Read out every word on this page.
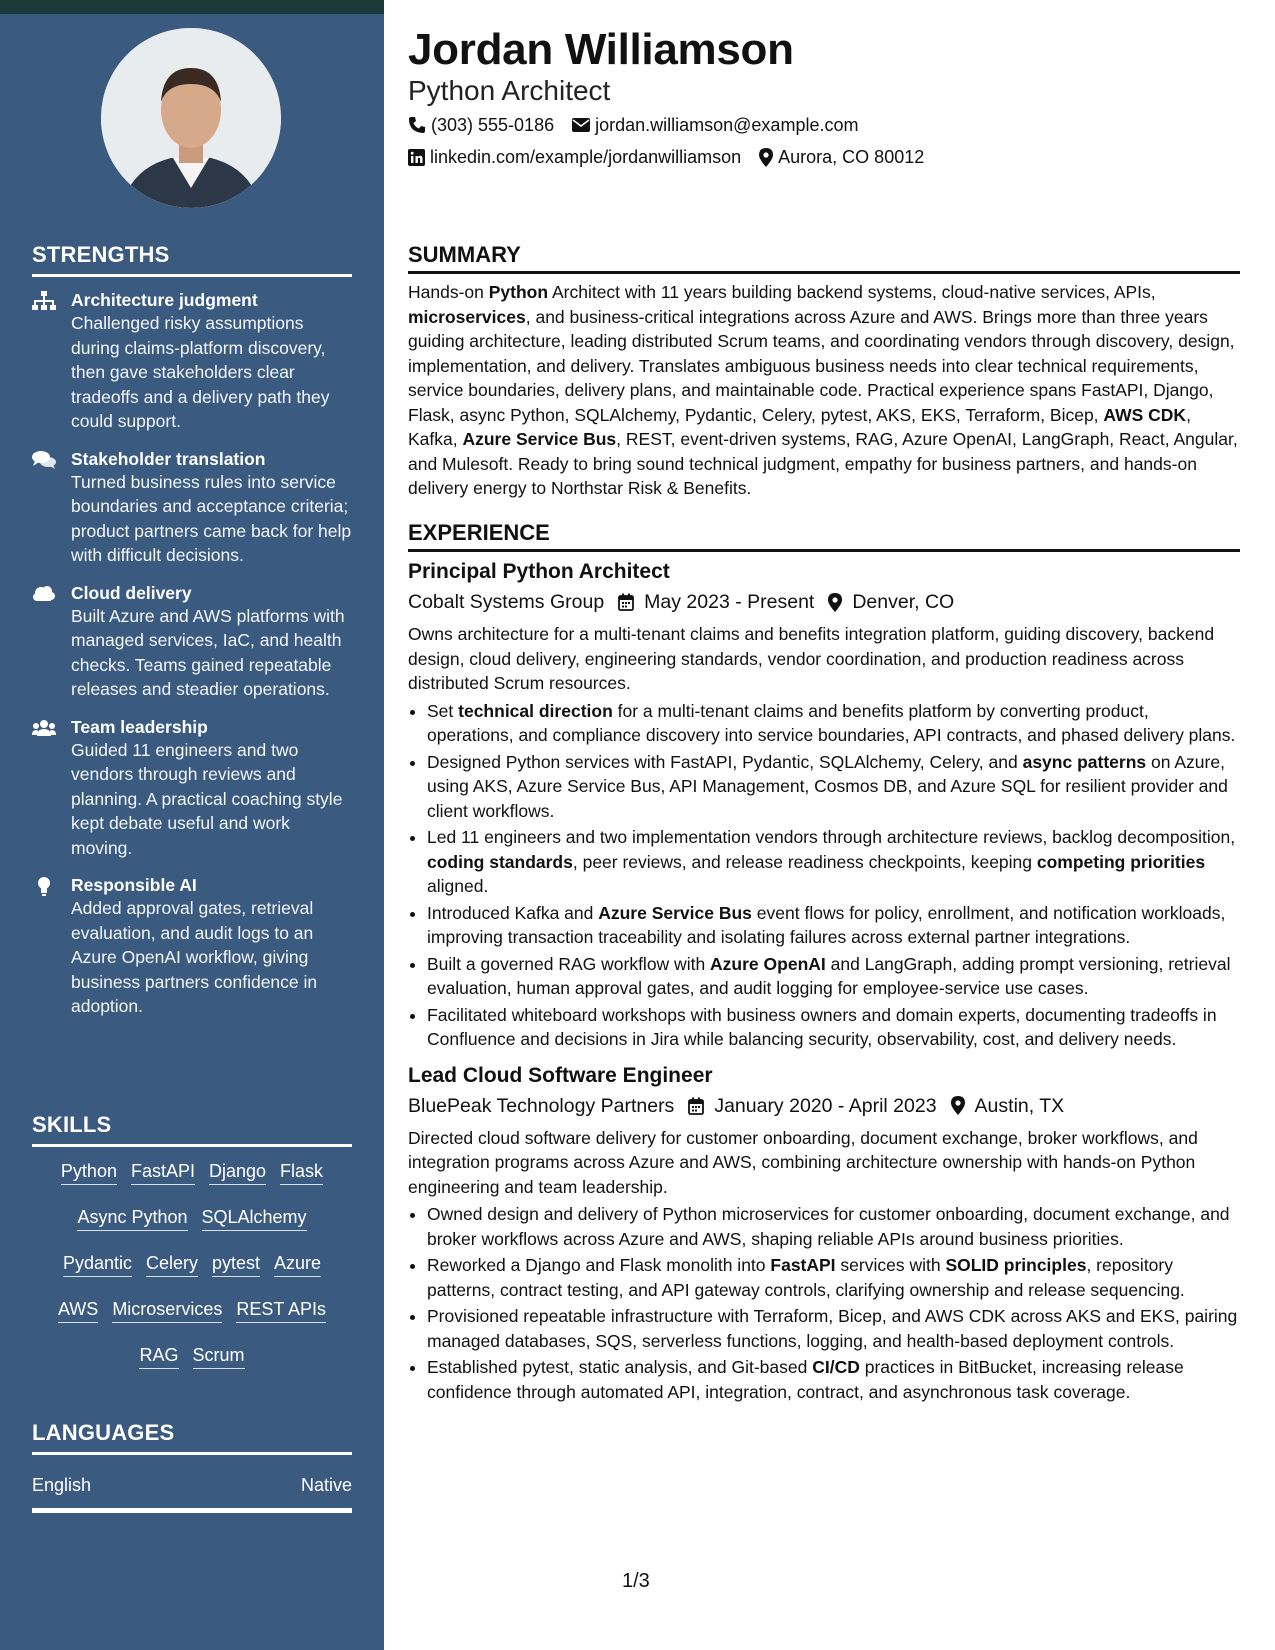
STRENGTHS
Architecture judgment
Challenged risky assumptions during claims-platform discovery, then gave stakeholders clear tradeoffs and a delivery path they could support.
Stakeholder translation
Turned business rules into service boundaries and acceptance criteria; product partners came back for help with difficult decisions.
Cloud delivery
Built Azure and AWS platforms with managed services, IaC, and health checks. Teams gained repeatable releases and steadier operations.
Team leadership
Guided 11 engineers and two vendors through reviews and planning. A practical coaching style kept debate useful and work moving.
Responsible AI
Added approval gates, retrieval evaluation, and audit logs to an Azure OpenAI workflow, giving business partners confidence in adoption.
SKILLS
Python FastAPI Django Flask
Async Python SQLAlchemy
Pydantic Celery pytest Azure
AWS Microservices REST APIs
RAG Scrum
LANGUAGES
English	Native
Jordan Williamson
Python Architect
(303) 555-0186 jordan.williamson@example.com
linkedin.com/example/jordanwilliamson Aurora, CO 80012
SUMMARY
Hands-on Python Architect with 11 years building backend systems, cloud-native services, APIs, microservices, and business-critical integrations across Azure and AWS. Brings more than three years guiding architecture, leading distributed Scrum teams, and coordinating vendors through discovery, design, implementation, and delivery. Translates ambiguous business needs into clear technical requirements, service boundaries, delivery plans, and maintainable code. Practical experience spans FastAPI, Django, Flask, async Python, SQLAlchemy, Pydantic, Celery, pytest, AKS, EKS, Terraform, Bicep, AWS CDK, Kafka, Azure Service Bus, REST, event-driven systems, RAG, Azure OpenAI, LangGraph, React, Angular, and Mulesoft. Ready to bring sound technical judgment, empathy for business partners, and hands-on delivery energy to Northstar Risk & Benefits.
EXPERIENCE
Principal Python Architect
Cobalt Systems Group May 2023 - Present Denver, CO
Owns architecture for a multi-tenant claims and benefits integration platform, guiding discovery, backend design, cloud delivery, engineering standards, vendor coordination, and production readiness across distributed Scrum resources.
• Set technical direction for a multi-tenant claims and benefits platform by converting product, operations, and compliance discovery into service boundaries, API contracts, and phased delivery plans.
• Designed Python services with FastAPI, Pydantic, SQLAlchemy, Celery, and async patterns on Azure, using AKS, Azure Service Bus, API Management, Cosmos DB, and Azure SQL for resilient provider and client workflows.
• Led 11 engineers and two implementation vendors through architecture reviews, backlog decomposition, coding standards, peer reviews, and release readiness checkpoints, keeping competing priorities aligned.
• Introduced Kafka and Azure Service Bus event flows for policy, enrollment, and notification workloads, improving transaction traceability and isolating failures across external partner integrations.
• Built a governed RAG workflow with Azure OpenAI and LangGraph, adding prompt versioning, retrieval evaluation, human approval gates, and audit logging for employee-service use cases.
• Facilitated whiteboard workshops with business owners and domain experts, documenting tradeoffs in Confluence and decisions in Jira while balancing security, observability, cost, and delivery needs.
Lead Cloud Software Engineer
BluePeak Technology Partners January 2020 - April 2023 Austin, TX
Directed cloud software delivery for customer onboarding, document exchange, broker workflows, and integration programs across Azure and AWS, combining architecture ownership with hands-on Python engineering and team leadership.
• Owned design and delivery of Python microservices for customer onboarding, document exchange, and broker workflows across Azure and AWS, shaping reliable APIs around business priorities.
• Reworked a Django and Flask monolith into FastAPI services with SOLID principles, repository patterns, contract testing, and API gateway controls, clarifying ownership and release sequencing.
• Provisioned repeatable infrastructure with Terraform, Bicep, and AWS CDK across AKS and EKS, pairing managed databases, SQS, serverless functions, logging, and health-based deployment controls.
• Established pytest, static analysis, and Git-based CI/CD practices in BitBucket, increasing release confidence through automated API, integration, contract, and asynchronous task coverage.
1/3
